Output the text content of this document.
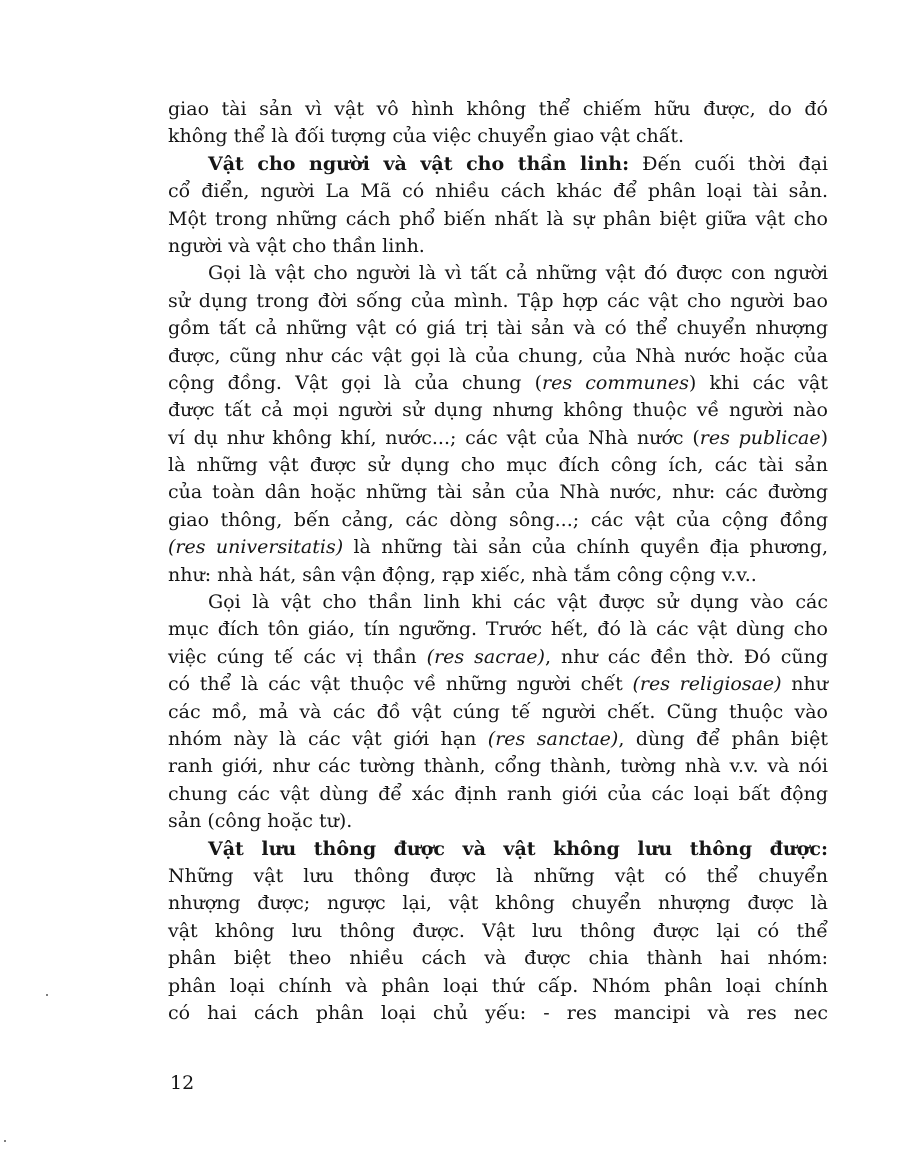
giao tài sản vì vật vô hình không thể chiếm hữu được, do đó
không thể là đối tượng của việc chuyển giao vật chất.
Vật cho người và vật cho thần linh: Đến cuối thời đại
cổ điển, người La Mã có nhiều cách khác để phân loại tài sản.
Một trong những cách phổ biến nhất là sự phân biệt giữa vật cho
người và vật cho thần linh.
Gọi là vật cho người là vì tất cả những vật đó được con người
sử dụng trong đời sống của mình. Tập hợp các vật cho người bao
gồm tất cả những vật có giá trị tài sản và có thể chuyển nhượng
được, cũng như các vật gọi là của chung, của Nhà nước hoặc của
cộng đồng. Vật gọi là của chung (res communes) khi các vật
được tất cả mọi người sử dụng nhưng không thuộc về người nào
ví dụ như không khí, nước...; các vật của Nhà nước (res publicae)
là những vật được sử dụng cho mục đích công ích, các tài sản
của toàn dân hoặc những tài sản của Nhà nước, như: các đường
giao thông, bến cảng, các dòng sông...; các vật của cộng đồng
(res universitatis) là những tài sản của chính quyền địa phương,
như: nhà hát, sân vận động, rạp xiếc, nhà tắm công cộng v.v..
Gọi là vật cho thần linh khi các vật được sử dụng vào các
mục đích tôn giáo, tín ngưỡng. Trước hết, đó là các vật dùng cho
việc cúng tế các vị thần (res sacrae), như các đền thờ. Đó cũng
có thể là các vật thuộc về những người chết (res religiosae) như
các mồ, mả và các đồ vật cúng tế người chết. Cũng thuộc vào
nhóm này là các vật giới hạn (res sanctae), dùng để phân biệt
ranh giới, như các tường thành, cổng thành, tường nhà v.v. và nói
chung các vật dùng để xác định ranh giới của các loại bất động
sản (công hoặc tư).
Vật lưu thông được và vật không lưu thông được:
Những vật lưu thông được là những vật có thể chuyển
nhượng được; ngược lại, vật không chuyển nhượng được là
vật không lưu thông được. Vật lưu thông được lại có thể
phân biệt theo nhiều cách và được chia thành hai nhóm:
phân loại chính và phân loại thứ cấp. Nhóm phân loại chính
có hai cách phân loại chủ yếu: - res mancipi và res nec
12
